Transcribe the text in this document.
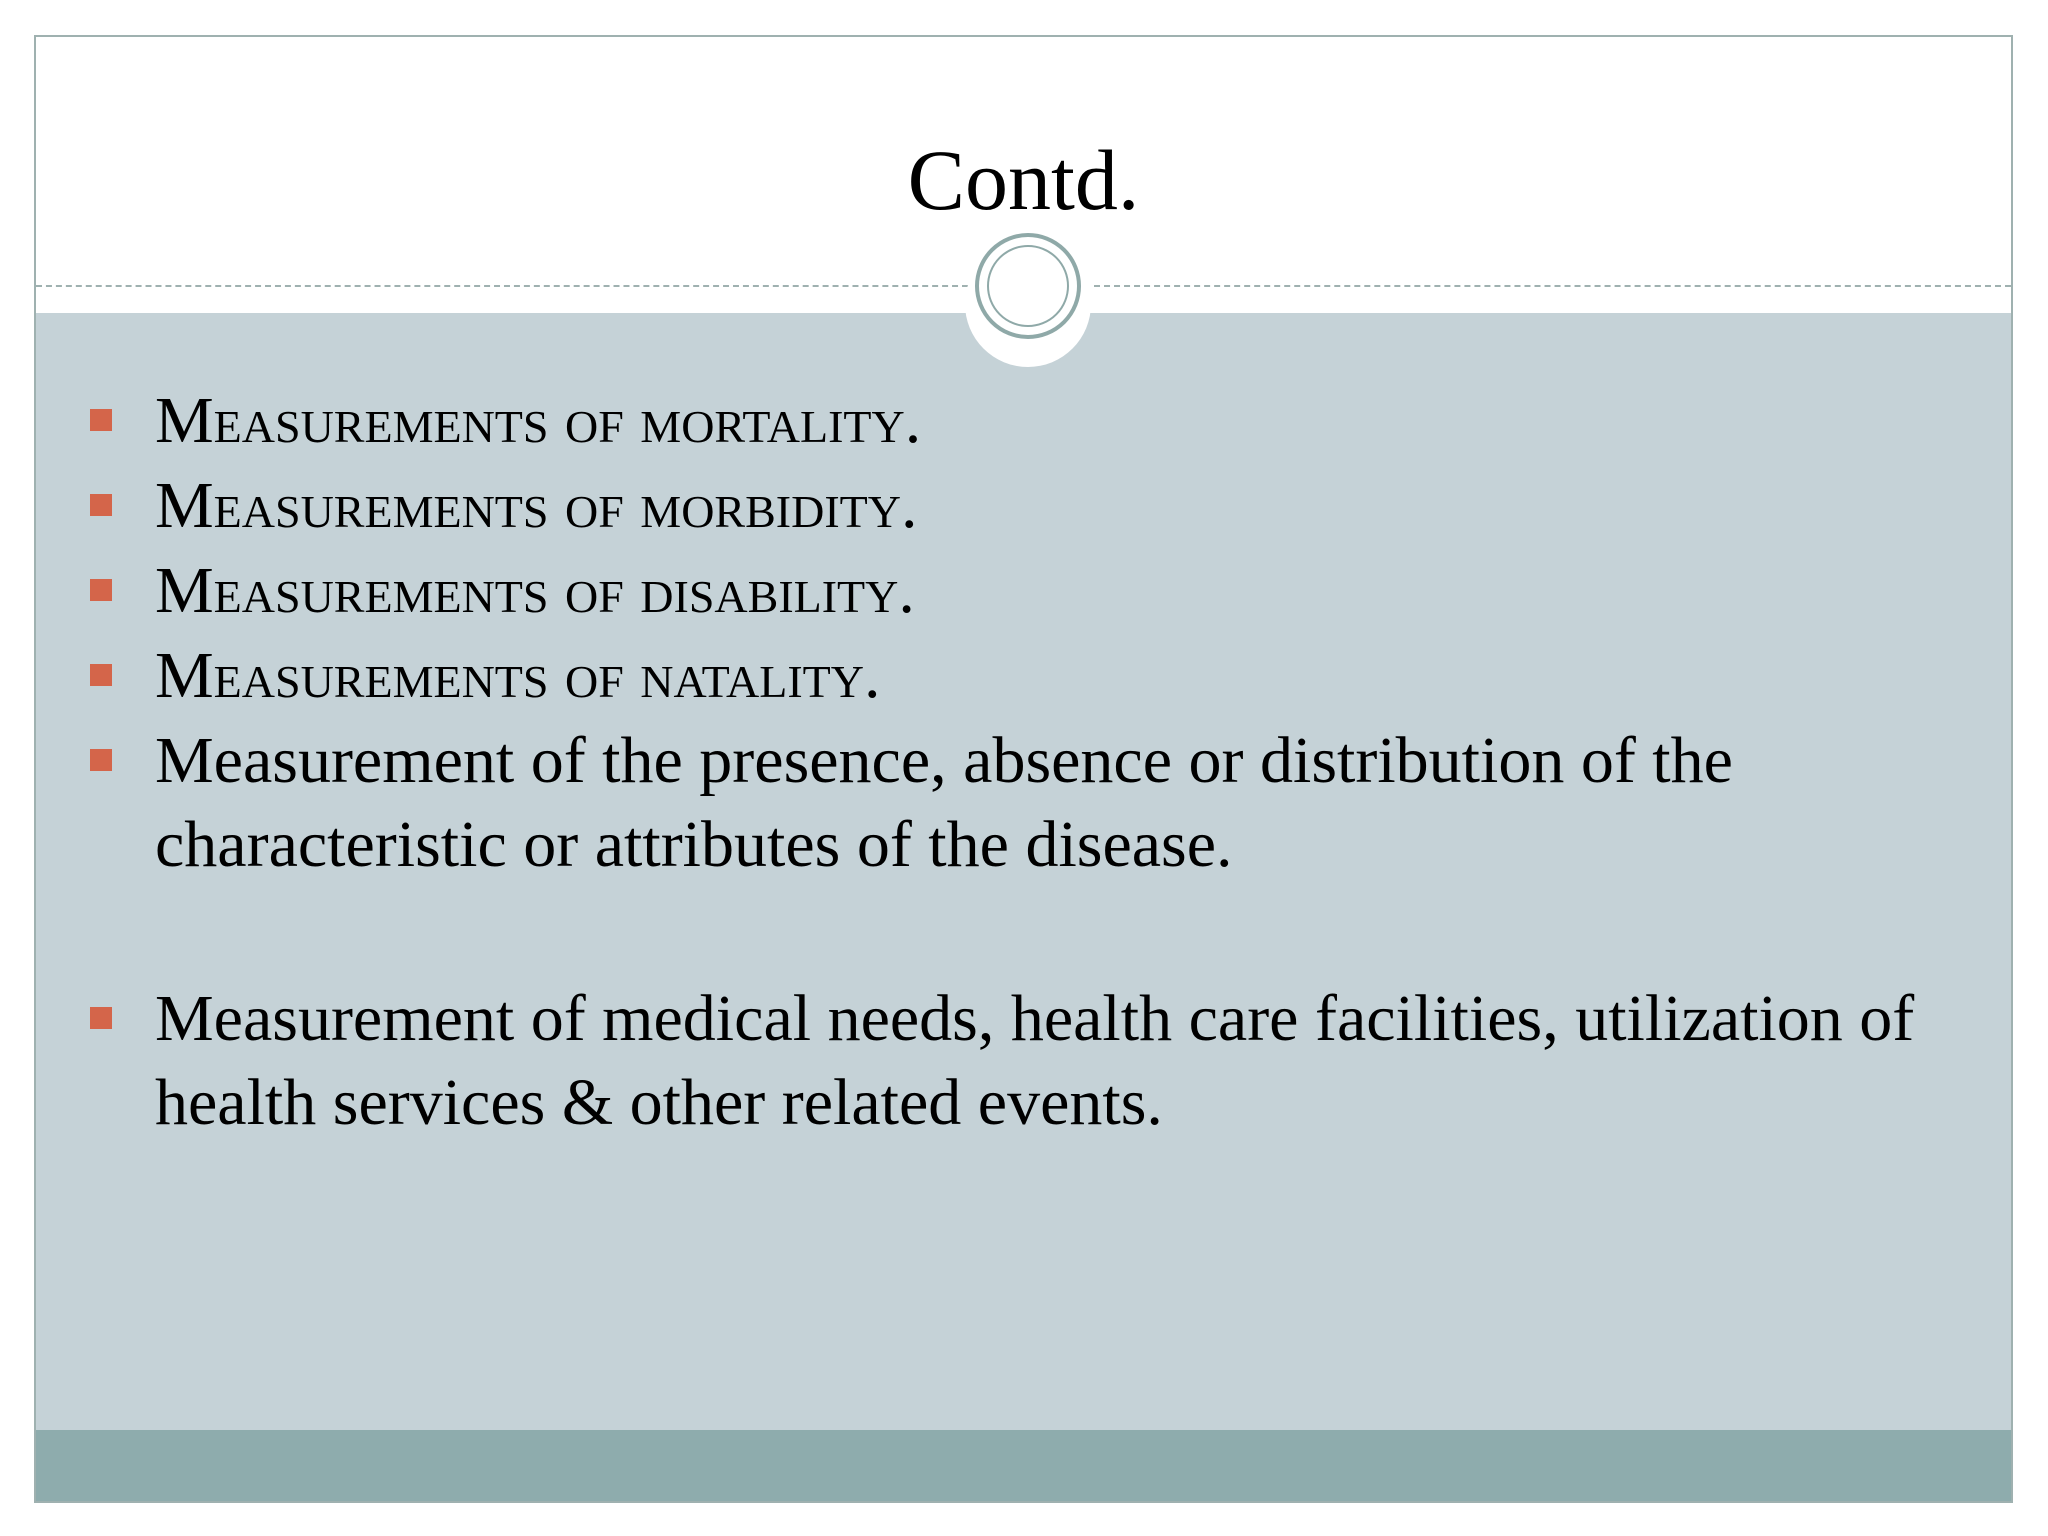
Contd.

Measurements of mortality.

Measurements of morbidity.

Measurements of disability.

Measurements of natality.

Measurement of the presence, absence or distribution of the characteristic or attributes of the disease.

Measurement of medical needs, health care facilities, utilization of health services & other related events.
